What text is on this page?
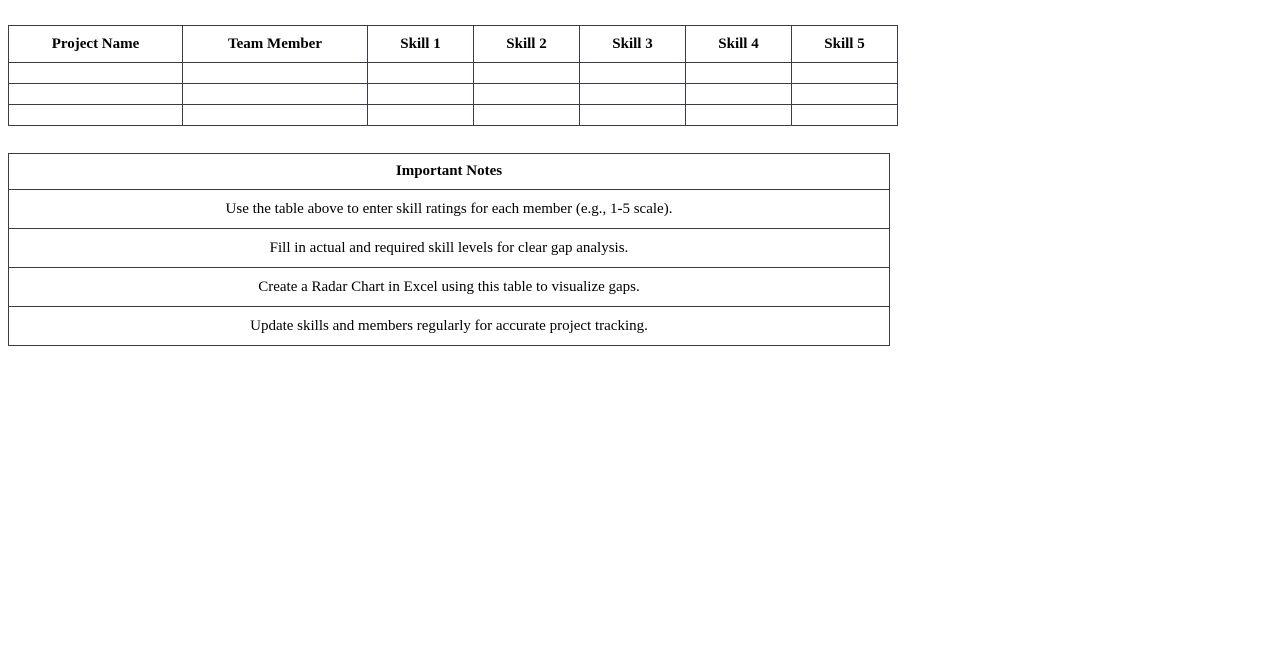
Project Name	Team Member	Skill 1	Skill 2	Skill 3	Skill 4	Skill 5

Important Notes
Use the table above to enter skill ratings for each member (e.g., 1-5 scale).
Fill in actual and required skill levels for clear gap analysis.
Create a Radar Chart in Excel using this table to visualize gaps.
Update skills and members regularly for accurate project tracking.
